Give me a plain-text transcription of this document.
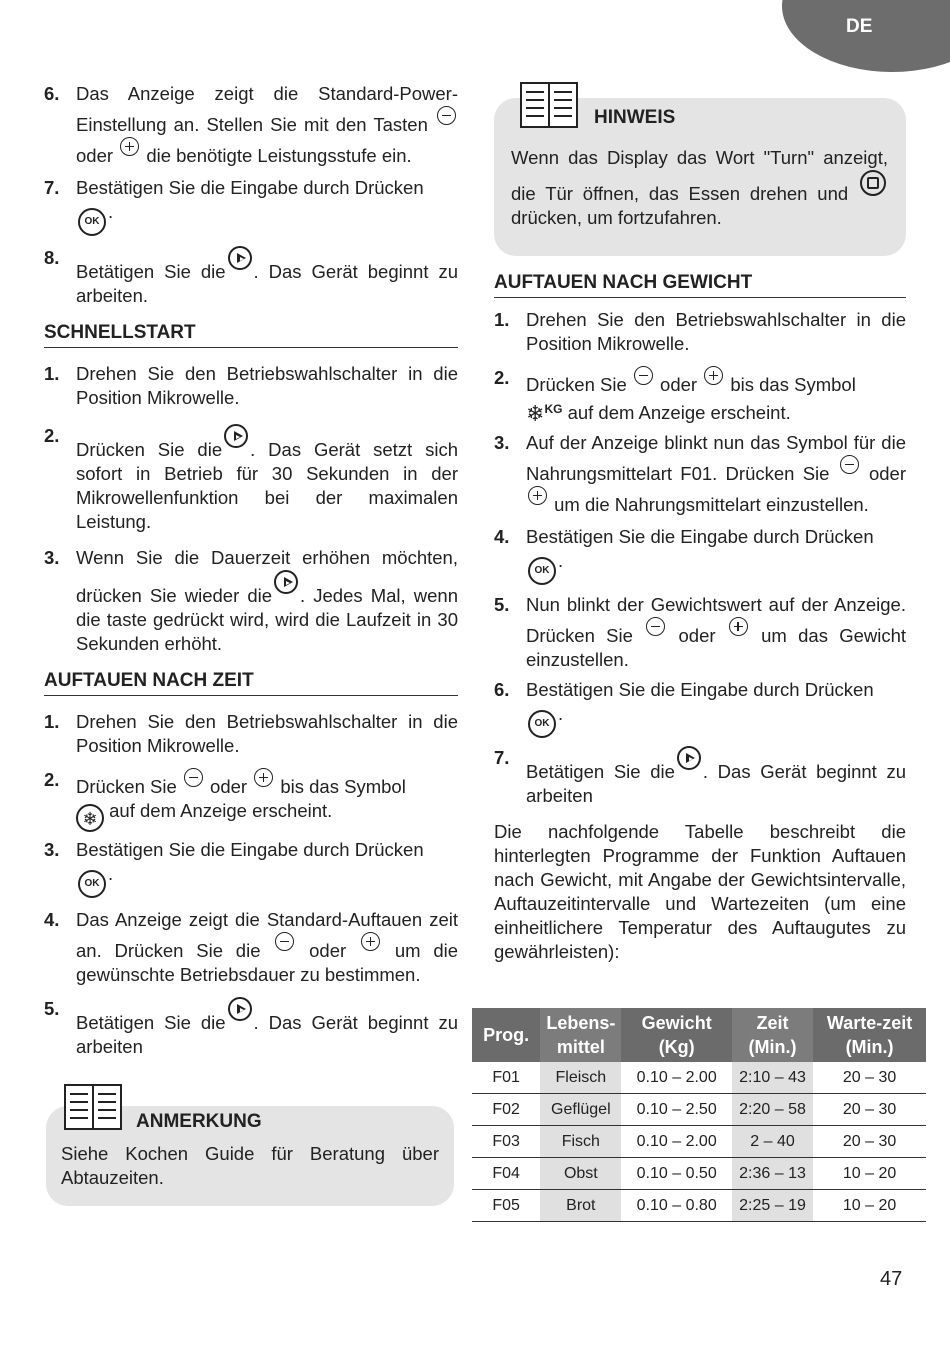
DE
6. Das Anzeige zeigt die Standard-Power-Einstellung an. Stellen Sie mit den Tasten  oder die benötigte Leistungsstufe ein.
7. Bestätigen Sie die Eingabe durch Drücken
OK .
8.
Betätigen Sie die . Das Gerät beginnt zu arbeiten.
SCHNELLSTART
1. Drehen Sie den Betriebswahlschalter in die Position Mikrowelle.
2.
Drücken Sie die . Das Gerät setzt sich sofort in Betrieb für 30 Sekunden in der Mikrowellenfunktion bei der maximalen Leistung.
3. Wenn Sie die Dauerzeit erhöhen möchten, drücken Sie wieder die . Jedes Mal, wenn die taste gedrückt wird, wird die Laufzeit in 30 Sekunden erhöht.
AUFTAUEN NACH ZEIT
1. Drehen Sie den Betriebswahlschalter in die Position Mikrowelle.
2. Drücken Sie oder bis das Symbol
❄ auf dem Anzeige erscheint.
3. Bestätigen Sie die Eingabe durch Drücken
OK .
4. Das Anzeige zeigt die Standard-Auftauen zeit an. Drücken Sie die	oder	um die gewünschte Betriebsdauer zu bestimmen.
5.
Betätigen Sie die . Das Gerät beginnt zu arbeiten
ANMERKUNG

Siehe Kochen Guide für Beratung über Abtauzeiten.

HINWEIS

Wenn das Display das Wort "Turn" anzeigt, die Tür öffnen, das Essen drehen und  drücken, um fortzufahren.

AUFTAUEN NACH GEWICHT
1. Drehen Sie den Betriebswahlschalter in die Position Mikrowelle.
2. Drücken Sie oder bis das Symbol
❄$^{KG}$ auf dem Anzeige erscheint.
3. Auf der Anzeige blinkt nun das Symbol für die Nahrungsmittelart F01. Drücken Sie oder  um die Nahrungsmittelart einzustellen.
4. Bestätigen Sie die Eingabe durch Drücken
OK .
5. Nun blinkt der Gewichtswert auf der Anzeige. Drücken Sie oder um das Gewicht einzustellen.
6. Bestätigen Sie die Eingabe durch Drücken
OK .
7.
Betätigen Sie die . Das Gerät beginnt zu arbeiten

Die nachfolgende Tabelle beschreibt die hinterlegten Programme der Funktion Auftauen nach Gewicht, mit Angabe der Gewichtsintervalle, Auftauzeitintervalle und Wartezeiten (um eine einheitlichere Temperatur des Auftaugutes zu gewährleisten):

Prog.	Lebens-mittel	Gewicht (Kg)	Zeit (Min.)	Warte-zeit (Min.)
F01	Fleisch	0.10 – 2.00	2:10 – 43	20 – 30
F02	Geflügel	0.10 – 2.50	2:20 – 58	20 – 30
F03	Fisch	0.10 – 2.00	2 – 40	20 – 30
F04	Obst	0.10 – 0.50	2:36 – 13	10 – 20
F05	Brot	0.10 – 0.80	2:25 – 19	10 – 20
47
